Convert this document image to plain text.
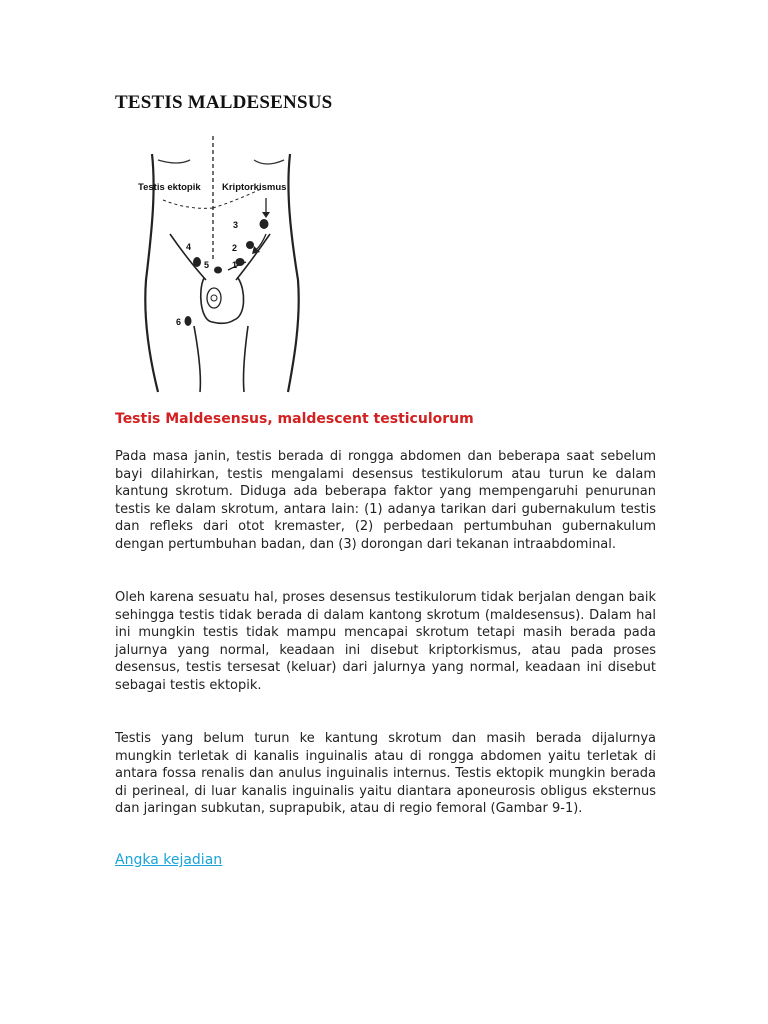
TESTIS MALDESENSUS
Testis ektopik Kriptorkismus
1
2
3
4
5
6
Testis Maldesensus, maldescent testiculorum

Pada masa janin, testis berada di rongga abdomen dan beberapa saat sebelum bayi dilahirkan, testis mengalami desensus testikulorum atau turun ke dalam kantung skrotum. Diduga ada beberapa faktor yang mempengaruhi penurunan testis ke dalam skrotum, antara lain: (1) adanya tarikan dari gubernakulum testis dan refleks dari otot kremaster, (2) perbedaan pertumbuhan gubernakulum dengan pertumbuhan badan, dan (3) dorongan dari tekanan intraabdominal.

Oleh karena sesuatu hal, proses desensus testikulorum tidak berjalan dengan baik sehingga testis tidak berada di dalam kantong skrotum (maldesensus). Dalam hal ini mungkin testis tidak mampu mencapai skrotum tetapi masih berada pada jalurnya yang normal, keadaan ini disebut kriptorkismus, atau pada proses desensus, testis tersesat (keluar) dari jalurnya yang normal, keadaan ini disebut sebagai testis ektopik.

Testis yang belum turun ke kantung skrotum dan masih berada dijalurnya mungkin terletak di kanalis inguinalis atau di rongga abdomen yaitu terletak di antara fossa renalis dan anulus inguinalis internus. Testis ektopik mungkin berada di perineal, di luar kanalis inguinalis yaitu diantara aponeurosis obligus eksternus dan jaringan subkutan, suprapubik, atau di regio femoral (Gambar 9-1).

Angka kejadian
